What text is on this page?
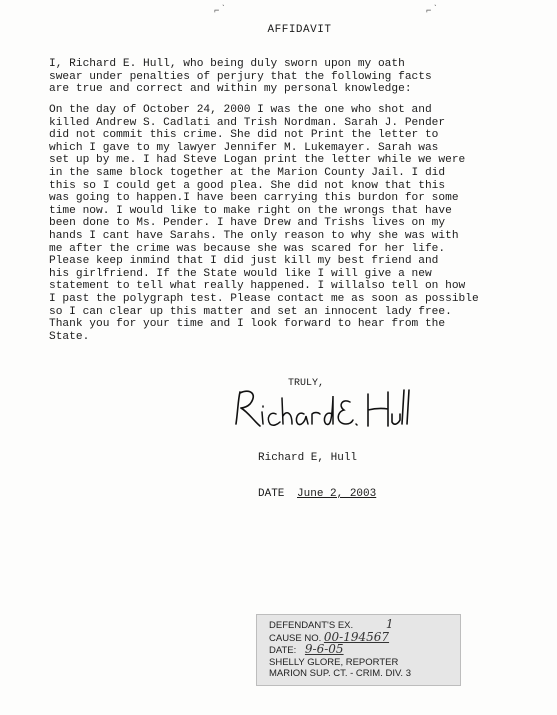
⌐ ̀	⌐ ̀
AFFIDAVIT

I, Richard E. Hull, who being duly sworn upon my oath
swear under penalties of perjury that the following facts
are true and correct and within my personal knowledge:

On the day of October 24, 2000 I was the one who shot and
killed Andrew S. Cadlati and Trish Nordman. Sarah J. Pender
did not commit this crime. She did not Print the letter to
which I gave to my lawyer Jennifer M. Lukemayer. Sarah was
set up by me. I had Steve Logan print the letter while we were
in the same block together at the Marion County Jail. I did
this so I could get a good plea. She did not know that this
was going to happen.I have been carrying this burdon for some
time now. I would like to make right on the wrongs that have
been done to Ms. Pender. I have Drew and Trishs lives on my
hands I cant have Sarahs. The only reason to why she was with
me after the crime was because she was scared for her life.
Please keep inmind that I did just kill my best friend and
his girlfriend. If the State would like I will give a new
statement to tell what really happened. I willalso tell on how
I past the polygraph test. Please contact me as soon as possible
so I can clear up this matter and set an innocent lady free.
Thank you for your time and I look forward to hear from the
State.

TRULY,
Richard E, Hull
DATE June 2, 2003
DEFENDANT'S EX.	1
CAUSE NO. 00-194567
DATE: 9-6-05
SHELLY GLORE, REPORTER
MARION SUP. CT. - CRIM. DIV. 3
